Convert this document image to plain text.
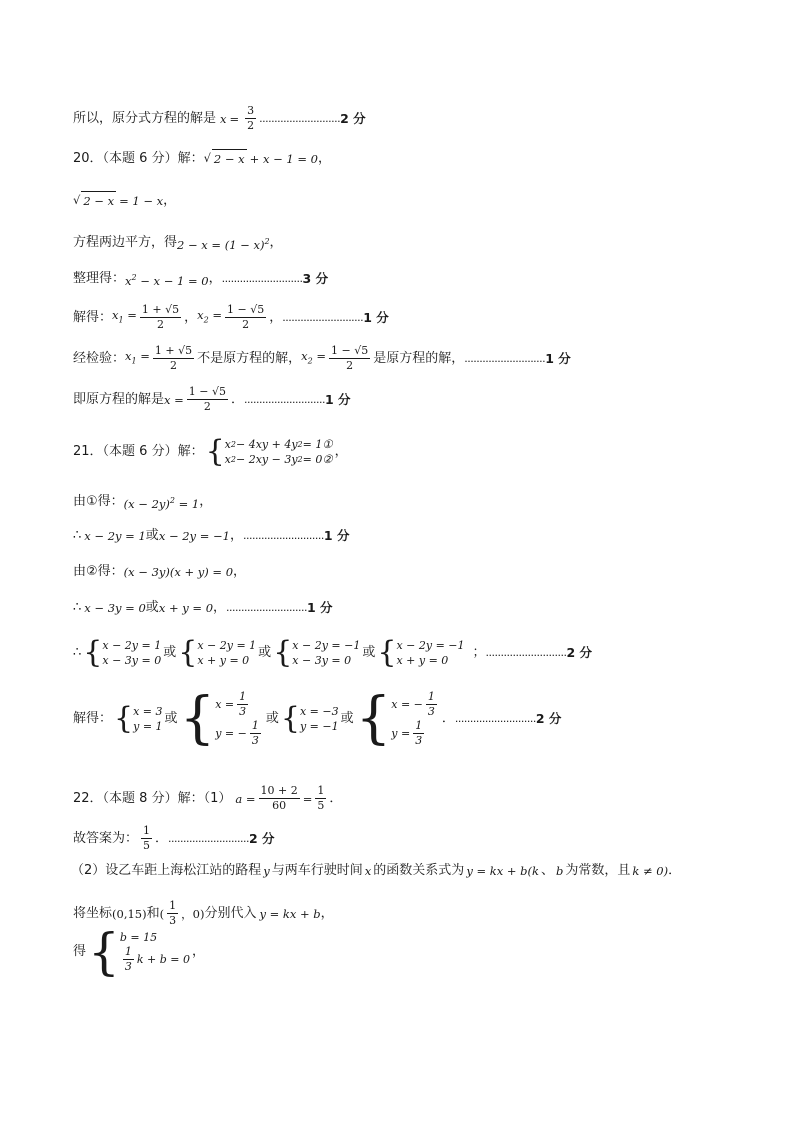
所以，原分式方程的解是 $x = \frac{3}{2}$ ........................... 2 分
20．（本题 6 分）解： √ 2 − x + x − 1 = 0 ，
√ 2 − x = 1 − x ，
方程两边平方，得 $2 - x = (1 - x)^2$ ，
整理得： $x^2 - x - 1 = 0$ ， ........................... 3 分
解得： $x_1 = \frac{1 + √5}{2}$ ， $x_2 = \frac{1 - √5}{2}$ ， ........................... 1 分
经检验： $x_1 = \frac{1 + √5}{2}$ 不是原方程的解， $x_2 = \frac{1 - √5}{2}$ 是原方程的解， ........................... 1 分
即原方程的解是 $x = \frac{1 - √5}{2}$ ． ........................... 1 分
21．（本题 6 分）解： { x 2 − 4xy + 4y 2 = 1 ①
x 2 − 2xy − 3y 2 = 0 ② ，
由①得： $(x - 2y)^2 = 1$ ，
∴ x − 2y = 1 或 x − 2y = −1 ， ........................... 1 分
由②得： (x − 3y)(x + y) = 0 ，
∴ x − 3y = 0 或 x + y = 0 ， ........................... 1 分
∴ { x − 2y = 1
x − 3y = 0
或 { x − 2y = 1
x + y = 0
或 { x − 2y = −1
x − 3y = 0
或 { x − 2y = −1
x + y = 0
； ........................... 2 分
解得： { x = 3
y = 1
或 { $x = \frac{1}{3}$
y = − $\frac{1}{3}$
或 { x = −3
y = −1
或 { x = − $\frac{1}{3}$
$y = \frac{1}{3}$
． ........................... 2 分
22．（本题 8 分）解：（1） $a = \frac{10 + 2}{60} = \frac{1}{5}$ ．
故答案为： $\frac{1}{5}$ ． ........................... 2 分
（2）设乙车距上海松江站的路程 y 与两车行驶时间 x 的函数关系式为 y = kx + b(k 、 b 为常数，且 k ≠ 0) ．
将坐标 (0,15) 和 ( $\frac{1}{3}$ ，0) 分别代入 y = kx + b ，
得 { b = 15
$\frac{1}{3}$ k + b = 0
，
